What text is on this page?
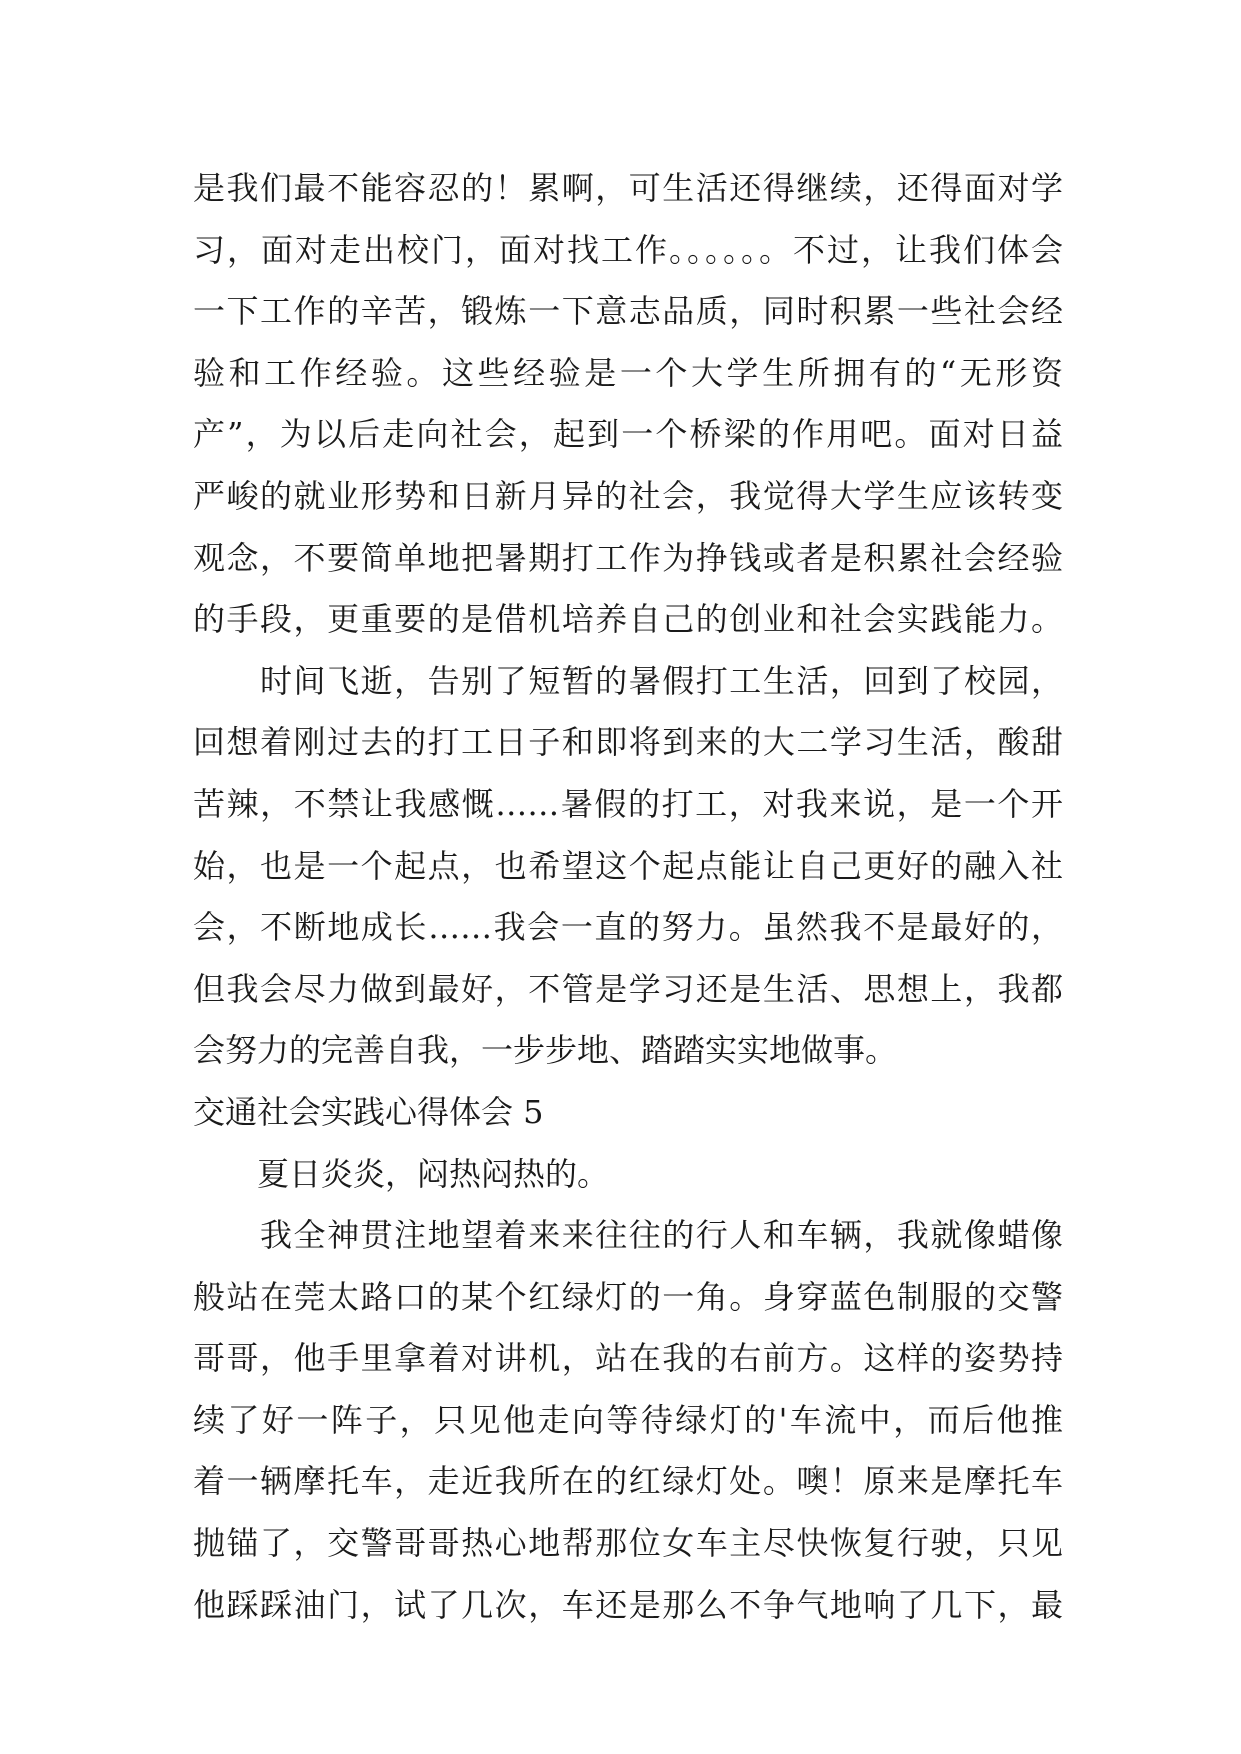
是我们最不能容忍的！累啊，可生活还得继续，还得面对学
习，面对走出校门，面对找工作。。。。。。不过，让我们体会
一下工作的辛苦，锻炼一下意志品质，同时积累一些社会经
验和工作经验。这些经验是一个大学生所拥有的“无形资
产”，为以后走向社会，起到一个桥梁的作用吧。面对日益
严峻的就业形势和日新月异的社会，我觉得大学生应该转变
观念，不要简单地把暑期打工作为挣钱或者是积累社会经验
的手段，更重要的是借机培养自己的创业和社会实践能力。
　　时间飞逝，告别了短暂的暑假打工生活，回到了校园，
回想着刚过去的打工日子和即将到来的大二学习生活，酸甜
苦辣，不禁让我感慨……暑假的打工，对我来说，是一个开
始，也是一个起点，也希望这个起点能让自己更好的融入社
会，不断地成长……我会一直的努力。虽然我不是最好的，
但我会尽力做到最好，不管是学习还是生活、思想上，我都
会努力的完善自我，一步步地、踏踏实实地做事。
交通社会实践心得体会 5
　　夏日炎炎，闷热闷热的。
　　我全神贯注地望着来来往往的行人和车辆，我就像蜡像
般站在莞太路口的某个红绿灯的一角。身穿蓝色制服的交警
哥哥，他手里拿着对讲机，站在我的右前方。这样的姿势持
续了好一阵子，只见他走向等待绿灯的'车流中，而后他推
着一辆摩托车，走近我所在的红绿灯处。噢！原来是摩托车
抛锚了，交警哥哥热心地帮那位女车主尽快恢复行驶，只见
他踩踩油门，试了几次，车还是那么不争气地响了几下，最
